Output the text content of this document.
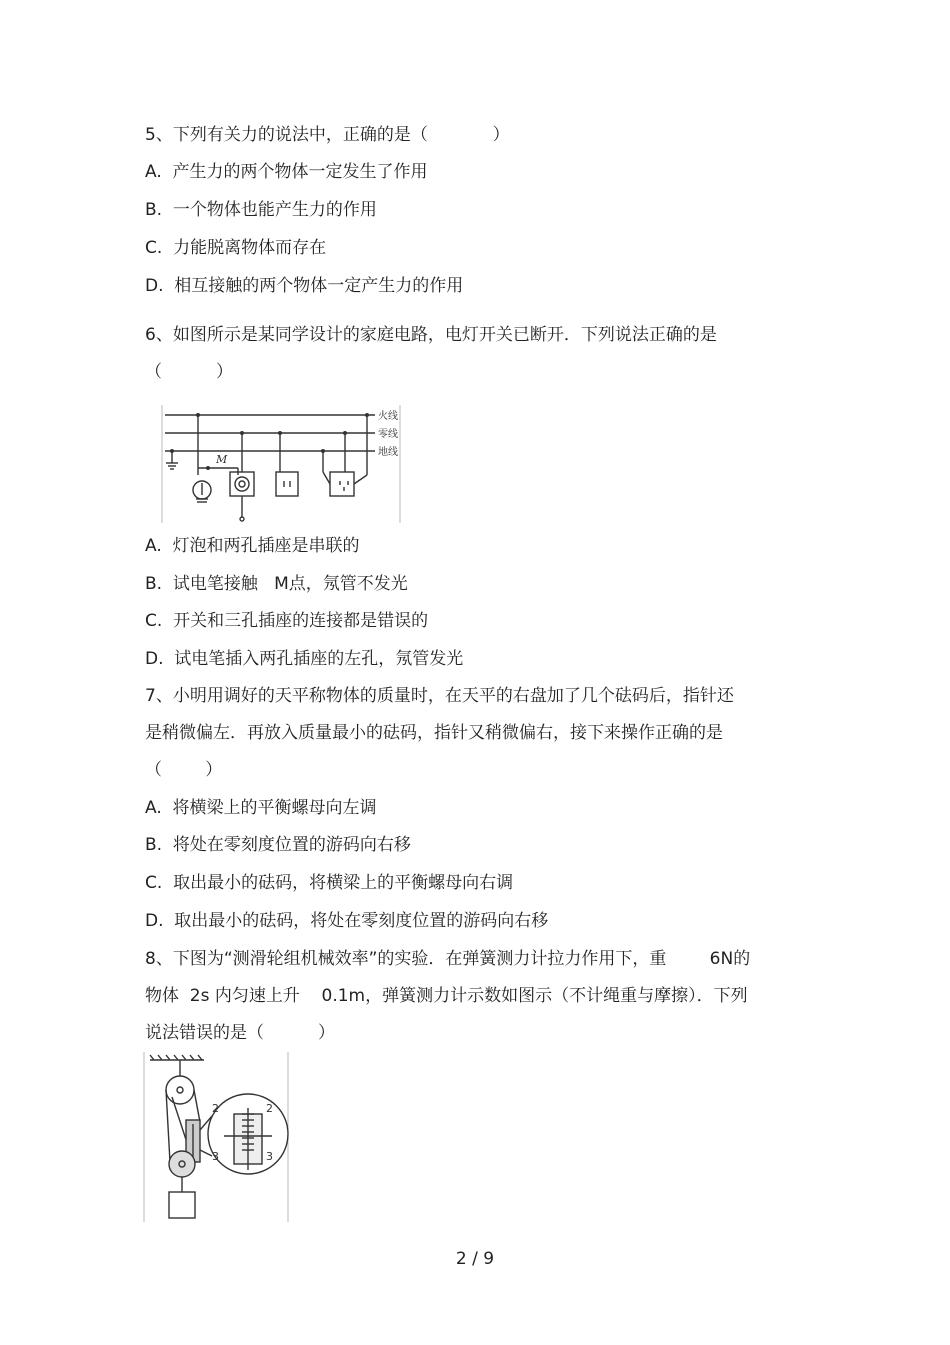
5、下列有关力的说法中，正确的是（            ）
A.  产生力的两个物体一定发生了作用
B.  一个物体也能产生力的作用
C.  力能脱离物体而存在
D.  相互接触的两个物体一定产生力的作用
6、如图所示是某同学设计的家庭电路，电灯开关已断开．下列说法正确的是
（          ）
M
火线
零线
地线
A.  灯泡和两孔插座是串联的
B.  试电笔接触   M点，氖管不发光
C.  开关和三孔插座的连接都是错误的
D.  试电笔插入两孔插座的左孔，氖管发光
7、小明用调好的天平称物体的质量时，在天平的右盘加了几个砝码后，指针还
是稍微偏左．再放入质量最小的砝码，指针又稍微偏右，接下来操作正确的是
（        ）
A.  将横梁上的平衡螺母向左调
B.  将处在零刻度位置的游码向右移
C.  取出最小的砝码，将横梁上的平衡螺母向右调
D.  取出最小的砝码，将处在零刻度位置的游码向右移
8、下图为“测滑轮组机械效率”的实验．在弹簧测力计拉力作用下，重        6N的
物体  2s 内匀速上升    0.1m，弹簧测力计示数如图示（不计绳重与摩擦）．下列
说法错误的是（          ）
2	2
3	3
2 / 9
